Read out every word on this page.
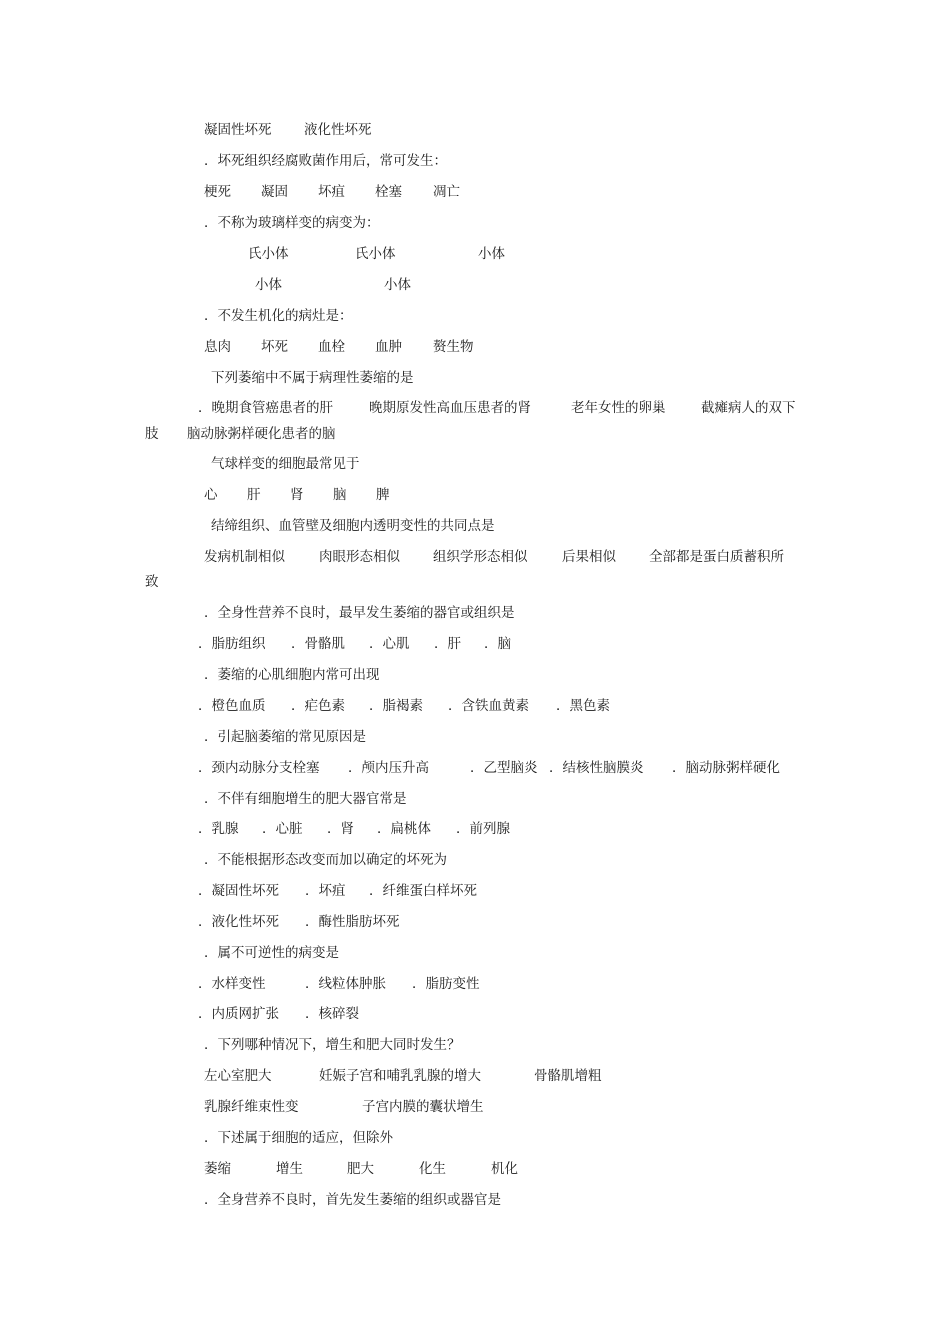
凝固性坏死	液化性坏死
．坏死组织经腐败菌作用后，常可发生：
梗死	凝固	坏疽	栓塞	凋亡
．不称为玻璃样变的病变为：
氏小体	氏小体	小体
小体	小体
．不发生机化的病灶是：
息肉	坏死	血栓	血肿	赘生物
下列萎缩中不属于病理性萎缩的是
．晚期食管癌患者的肝	晚期原发性高血压患者的肾	老年女性的卵巢	截瘫病人的双下
肢	脑动脉粥样硬化患者的脑
气球样变的细胞最常见于
心	肝	肾	脑	脾
结缔组织、血管壁及细胞内透明变性的共同点是
发病机制相似	肉眼形态相似	组织学形态相似	后果相似	全部都是蛋白质蓄积所
致
．全身性营养不良时，最早发生萎缩的器官或组织是
．脂肪组织	．骨骼肌	．心肌	．肝	．脑
．萎缩的心肌细胞内常可出现
．橙色血质	．疟色素	．脂褐素	．含铁血黄素	．黑色素
．引起脑萎缩的常见原因是
．颈内动脉分支栓塞	．颅内压升高	．乙型脑炎 ．结核性脑膜炎	．脑动脉粥样硬化
．不伴有细胞增生的肥大器官常是
．乳腺	．心脏	．肾	．扁桃体	．前列腺
．不能根据形态改变而加以确定的坏死为
．凝固性坏死	．坏疽	．纤维蛋白样坏死
．液化性坏死	．酶性脂肪坏死
．属不可逆性的病变是
．水样变性	．线粒体肿胀	．脂肪变性
．内质网扩张	．核碎裂
．下列哪种情况下，增生和肥大同时发生？
左心室肥大	妊娠子宫和哺乳乳腺的增大	骨骼肌增粗
乳腺纤维束性变	子宫内膜的囊状增生
．下述属于细胞的适应，但除外
萎缩	增生	肥大	化生	机化
．全身营养不良时，首先发生萎缩的组织或器官是
